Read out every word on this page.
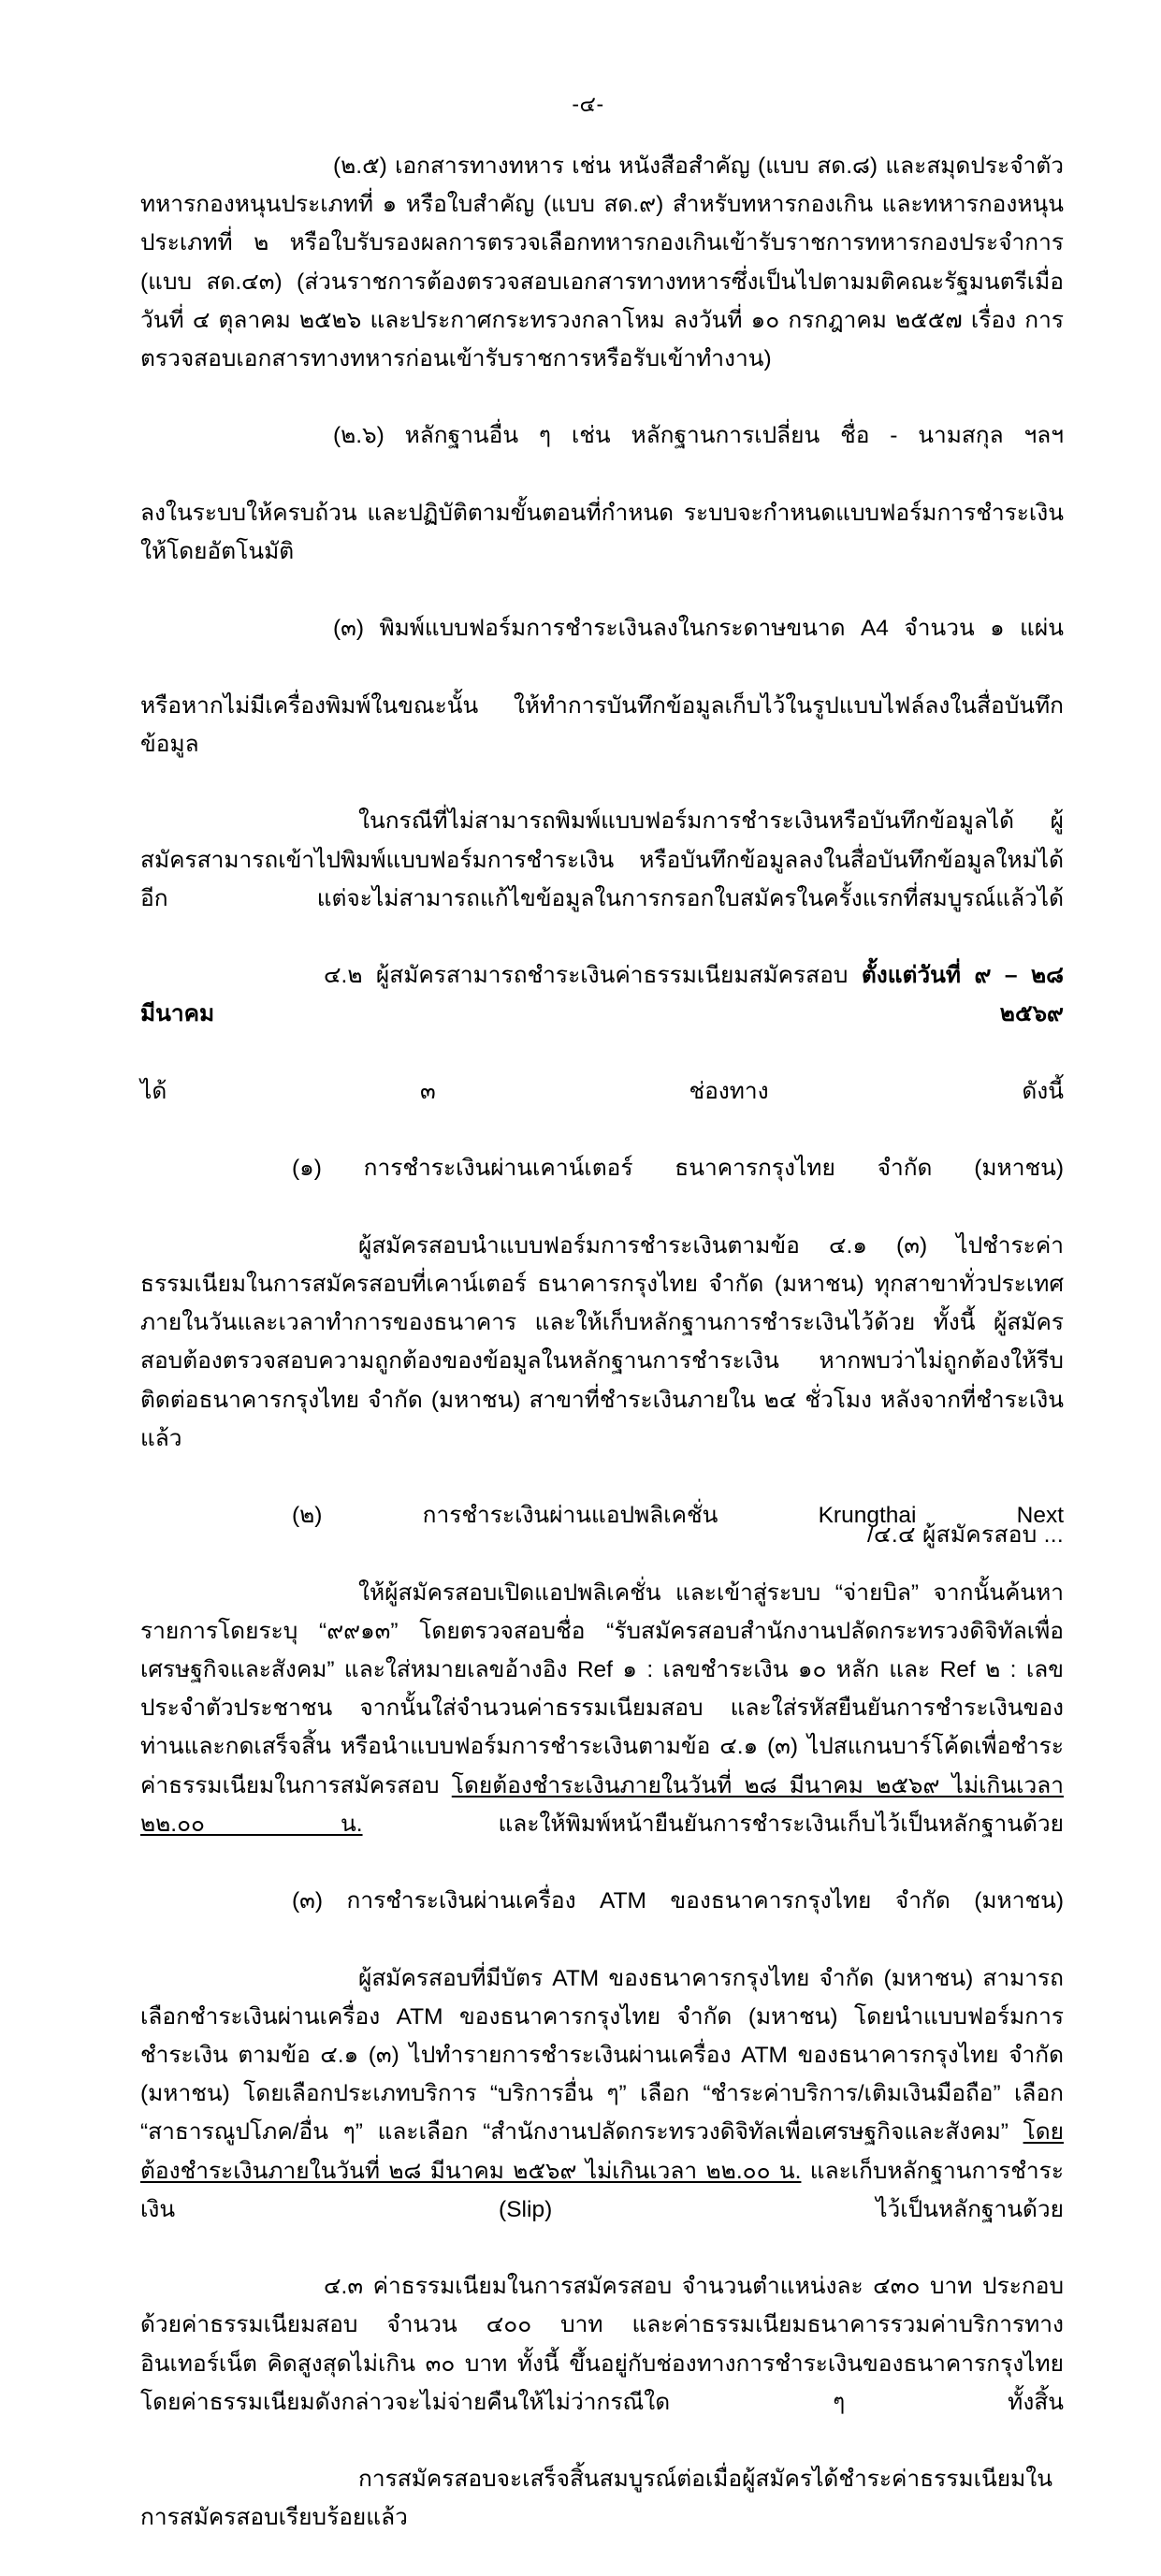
-๔-

(๒.๕) เอกสารทางทหาร เช่น หนังสือสำคัญ (แบบ สด.๘) และสมุดประจำตัวทหารกองหนุนประเภทที่ ๑ หรือใบสำคัญ (แบบ สด.๙) สำหรับทหารกองเกิน และทหารกองหนุน ประเภทที่ ๒ หรือใบรับรองผลการตรวจเลือกทหารกองเกินเข้ารับราชการทหารกองประจำการ (แบบ สด.๔๓) (ส่วนราชการต้องตรวจสอบเอกสารทางทหารซึ่งเป็นไปตามมติคณะรัฐมนตรีเมื่อวันที่ ๔ ตุลาคม ๒๕๒๖ และประกาศกระทรวงกลาโหม ลงวันที่ ๑๐ กรกฎาคม ๒๕๕๗ เรื่อง การตรวจสอบเอกสารทางทหารก่อนเข้ารับราชการหรือรับเข้าทำงาน)

(๒.๖) หลักฐานอื่น ๆ เช่น หลักฐานการเปลี่ยน ชื่อ - นามสกุล ฯลฯ

ลงในระบบให้ครบถ้วน และปฏิบัติตามขั้นตอนที่กำหนด ระบบจะกำหนดแบบฟอร์มการชำระเงินให้โดยอัตโนมัติ

(๓) พิมพ์แบบฟอร์มการชำระเงินลงในกระดาษขนาด A4 จำนวน ๑ แผ่น

หรือหากไม่มีเครื่องพิมพ์ในขณะนั้น ให้ทำการบันทึกข้อมูลเก็บไว้ในรูปแบบไฟล์ลงในสื่อบันทึกข้อมูล

ในกรณีที่ไม่สามารถพิมพ์แบบฟอร์มการชำระเงินหรือบันทึกข้อมูลได้ ผู้สมัครสามารถเข้าไปพิมพ์แบบฟอร์มการชำระเงิน หรือบันทึกข้อมูลลงในสื่อบันทึกข้อมูลใหม่ได้อีก แต่จะไม่สามารถแก้ไขข้อมูลในการกรอกใบสมัครในครั้งแรกที่สมบูรณ์แล้วได้

๔.๒ ผู้สมัครสามารถชำระเงินค่าธรรมเนียมสมัครสอบ ตั้งแต่วันที่ ๙ – ๒๘ มีนาคม ๒๕๖๙

ได้ ๓ ช่องทาง ดังนี้

(๑) การชำระเงินผ่านเคาน์เตอร์ ธนาคารกรุงไทย จำกัด (มหาชน)

ผู้สมัครสอบนำแบบฟอร์มการชำระเงินตามข้อ ๔.๑ (๓) ไปชำระค่าธรรมเนียมในการสมัครสอบที่เคาน์เตอร์ ธนาคารกรุงไทย จำกัด (มหาชน) ทุกสาขาทั่วประเทศ ภายในวันและเวลาทำการของธนาคาร และให้เก็บหลักฐานการชำระเงินไว้ด้วย ทั้งนี้ ผู้สมัครสอบต้องตรวจสอบความถูกต้องของข้อมูลในหลักฐานการชำระเงิน หากพบว่าไม่ถูกต้องให้รีบติดต่อธนาคารกรุงไทย จำกัด (มหาชน) สาขาที่ชำระเงินภายใน ๒๔ ชั่วโมง หลังจากที่ชำระเงินแล้ว

(๒) การชำระเงินผ่านแอปพลิเคชั่น Krungthai Next

ให้ผู้สมัครสอบเปิดแอปพลิเคชั่น และเข้าสู่ระบบ “จ่ายบิล” จากนั้นค้นหารายการโดยระบุ “๙๙๑๓” โดยตรวจสอบชื่อ “รับสมัครสอบสำนักงานปลัดกระทรวงดิจิทัลเพื่อเศรษฐกิจและสังคม” และใส่หมายเลขอ้างอิง Ref ๑ : เลขชำระเงิน ๑๐ หลัก และ Ref ๒ : เลขประจำตัวประชาชน จากนั้นใส่จำนวนค่าธรรมเนียมสอบ และใส่รหัสยืนยันการชำระเงินของท่านและกดเสร็จสิ้น หรือนำแบบฟอร์มการชำระเงินตามข้อ ๔.๑ (๓) ไปสแกนบาร์โค้ดเพื่อชำระค่าธรรมเนียมในการสมัครสอบ โดยต้องชำระเงินภายในวันที่ ๒๘ มีนาคม ๒๕๖๙ ไม่เกินเวลา ๒๒.๐๐ น. และให้พิมพ์หน้ายืนยันการชำระเงินเก็บไว้เป็นหลักฐานด้วย

(๓) การชำระเงินผ่านเครื่อง ATM ของธนาคารกรุงไทย จำกัด (มหาชน)

ผู้สมัครสอบที่มีบัตร ATM ของธนาคารกรุงไทย จำกัด (มหาชน) สามารถเลือกชำระเงินผ่านเครื่อง ATM ของธนาคารกรุงไทย จำกัด (มหาชน) โดยนำแบบฟอร์มการชำระเงิน ตามข้อ ๔.๑ (๓) ไปทำรายการชำระเงินผ่านเครื่อง ATM ของธนาคารกรุงไทย จำกัด (มหาชน) โดยเลือกประเภทบริการ “บริการอื่น ๆ” เลือก “ชำระค่าบริการ/เติมเงินมือถือ” เลือก “สาธารณูปโภค/อื่น ๆ” และเลือก “สำนักงานปลัดกระทรวงดิจิทัลเพื่อเศรษฐกิจและสังคม” โดยต้องชำระเงินภายในวันที่ ๒๘ มีนาคม ๒๕๖๙ ไม่เกินเวลา ๒๒.๐๐ น. และเก็บหลักฐานการชำระเงิน (Slip) ไว้เป็นหลักฐานด้วย

๔.๓ ค่าธรรมเนียมในการสมัครสอบ จำนวนตำแหน่งละ ๔๓๐ บาท ประกอบด้วยค่าธรรมเนียมสอบ จำนวน ๔๐๐ บาท และค่าธรรมเนียมธนาคารรวมค่าบริการทางอินเทอร์เน็ต คิดสูงสุดไม่เกิน ๓๐ บาท ทั้งนี้ ขึ้นอยู่กับช่องทางการชำระเงินของธนาคารกรุงไทย โดยค่าธรรมเนียมดังกล่าวจะไม่จ่ายคืนให้ไม่ว่ากรณีใด ๆ ทั้งสิ้น

การสมัครสอบจะเสร็จสิ้นสมบูรณ์ต่อเมื่อผู้สมัครได้ชำระค่าธรรมเนียมในการสมัครสอบเรียบร้อยแล้ว

/๔.๔ ผู้สมัครสอบ ...
